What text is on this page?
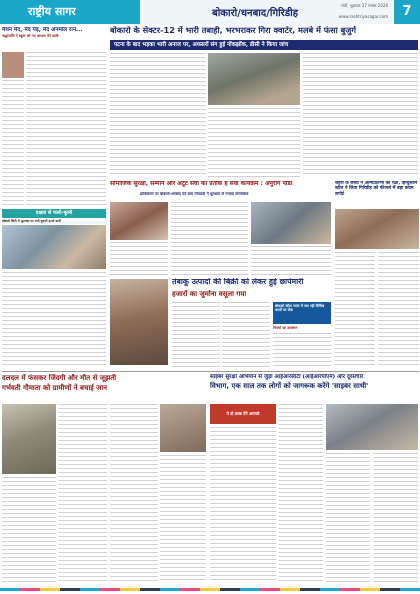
राष्ट्रीय सागर	बोकारो/धनबाद/गिरिडीह
रांची, शुक्रवार 27 नवंबर 2026
www.rashtriyasagar.com	7
मैथन मेंद, मेंद पेड़, मेंद अनमोल रत्न...
श्रद्धांजलि ने स्कूल को नए आयाम देने वाली
दक्षता से फलो-फूलो
बोकारो सिटी में फुटपाथ पर लगी दुकानें हटाते कर्मी
बोकारो के सेक्टर-12 में भारी तबाही, भरभराकर गिरा क्वार्टर, मलबे में फंसा बुजुर्ग
पटना के बाद भड़का भारी अनाज पर, अफसरों संग हुई नोंकझोंक, डीसी ने किया जांच
सामाजिक सुरक्षा, सम्मान और अटूट सेवा का प्रतीक है सेवा कार्यक्रम : अनुराग पांडा
प्राधिकरण पर बोकारो-धनबाद एवं ग्राम पंचायतों ने धूमधाम से मनाया जन्मोत्सव
तंबाकू उत्पादों की बिक्री को लेकर हुई छापेमारी
हजारों का जुर्माना वसूला गया
बोकारो स्टील प्लांट में चल रही विभिन्न कार्यों पर रोक
नियमों का उल्लंघन
शहरों के बच्चों ने आर्मीप्रतिभा की रक्षा, हिन्दुस्तान स्टील ने लिया गिरिडीह को फीजर्स में बड़ा कदम सपोर्ट
दलदल में फंसकर जिंदगी और मौत से जूझती
गर्भवती गौमाता को ग्रामीणों ने बचाई जान
साइबर सुरक्षा अभियान से जुड़ा आईआरसीटी (आईआरपीएम) और दूरसंचार
विभाग, एक साल तक लोगों को जागरूक करेंगे 'साइबर साथी'
ये दो लाख देंगे आपको
